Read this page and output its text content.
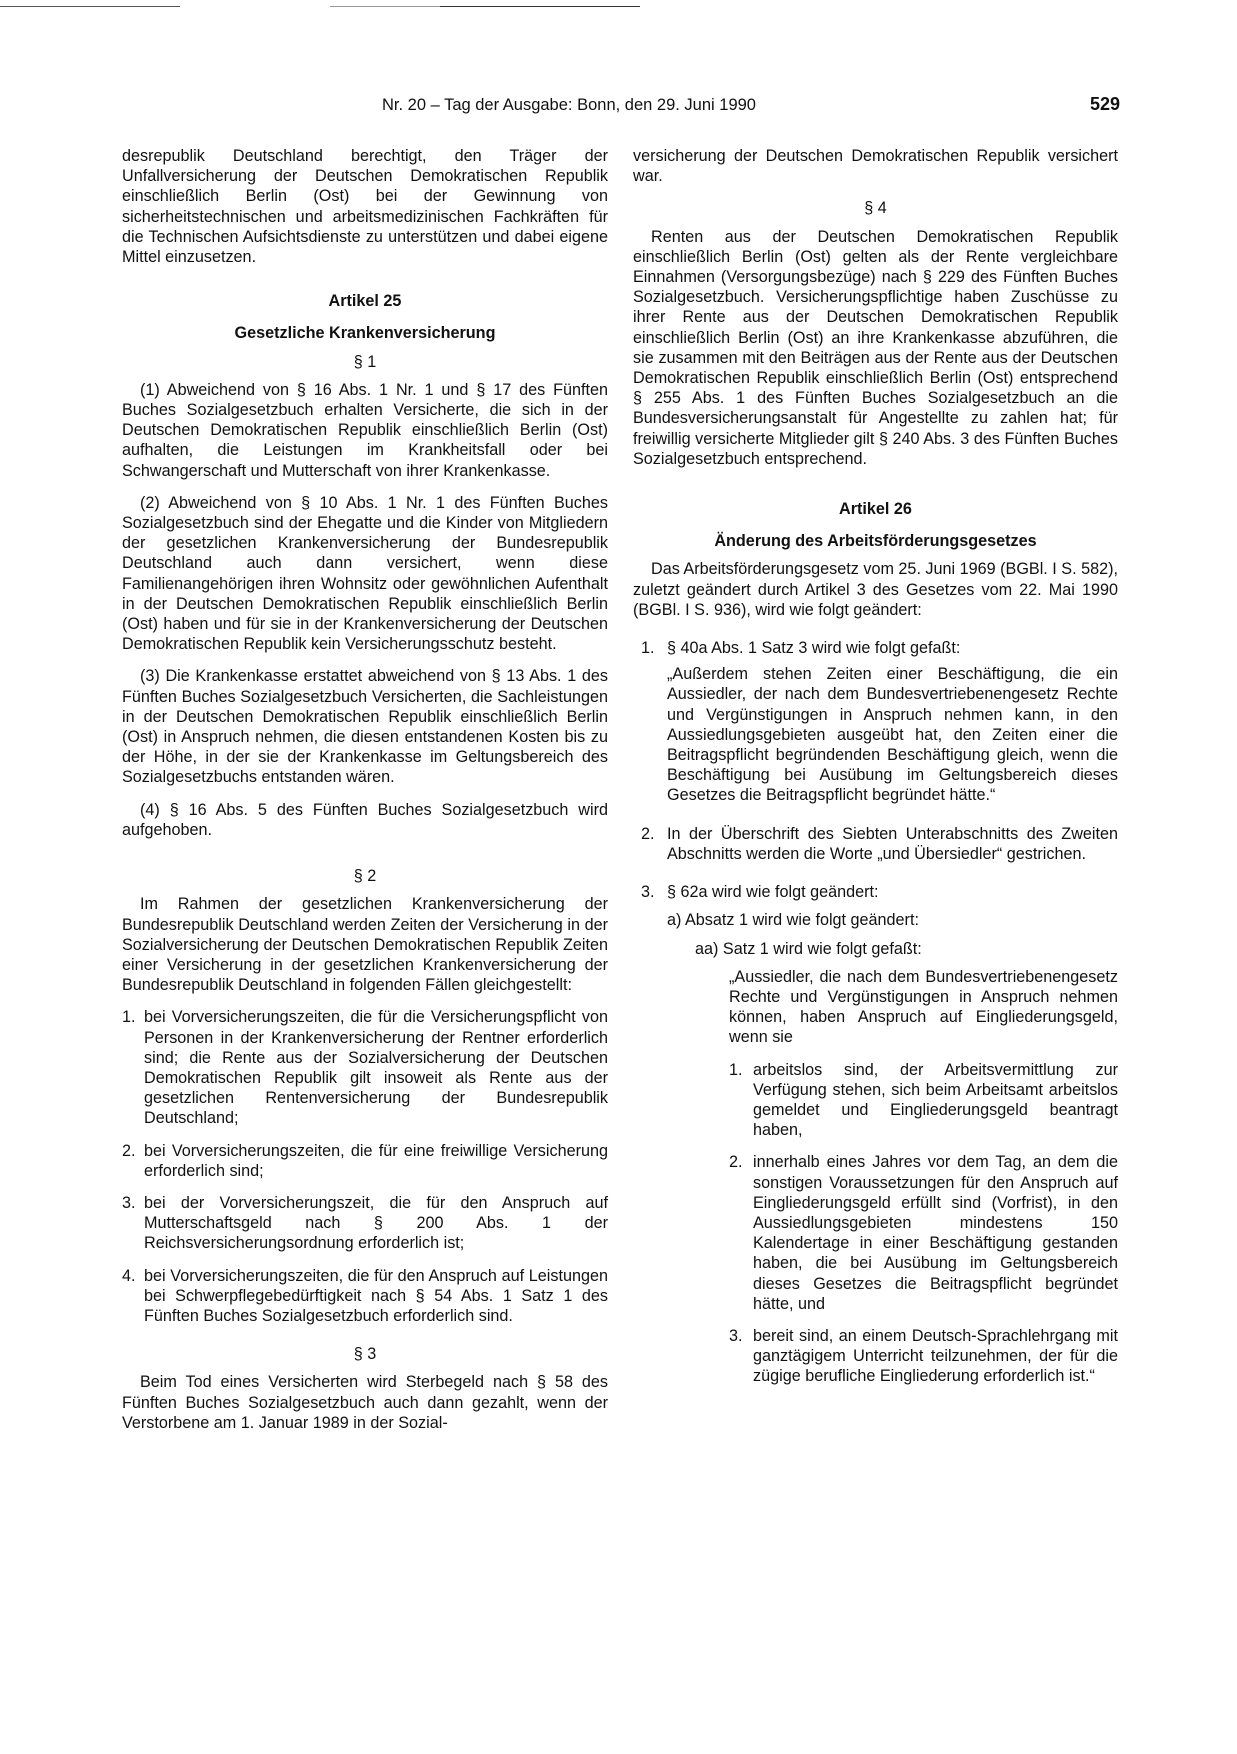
Nr. 20 – Tag der Ausgabe: Bonn, den 29. Juni 1990	529

desrepublik Deutschland berechtigt, den Träger der Unfallversicherung der Deutschen Demokratischen Republik einschließlich Berlin (Ost) bei der Gewinnung von sicherheitstechnischen und arbeitsmedizinischen Fachkräften für die Technischen Aufsichtsdienste zu unterstützen und dabei eigene Mittel einzusetzen.

Artikel 25
Gesetzliche Krankenversicherung
§ 1

(1) Abweichend von § 16 Abs. 1 Nr. 1 und § 17 des Fünften Buches Sozialgesetzbuch erhalten Versicherte, die sich in der Deutschen Demokratischen Republik einschließlich Berlin (Ost) aufhalten, die Leistungen im Krankheitsfall oder bei Schwangerschaft und Mutterschaft von ihrer Krankenkasse.

(2) Abweichend von § 10 Abs. 1 Nr. 1 des Fünften Buches Sozialgesetzbuch sind der Ehegatte und die Kinder von Mitgliedern der gesetzlichen Krankenversicherung der Bundesrepublik Deutschland auch dann versichert, wenn diese Familienangehörigen ihren Wohnsitz oder gewöhnlichen Aufenthalt in der Deutschen Demokratischen Republik einschließlich Berlin (Ost) haben und für sie in der Krankenversicherung der Deutschen Demokratischen Republik kein Versicherungsschutz besteht.

(3) Die Krankenkasse erstattet abweichend von § 13 Abs. 1 des Fünften Buches Sozialgesetzbuch Versicherten, die Sachleistungen in der Deutschen Demokratischen Republik einschließlich Berlin (Ost) in Anspruch nehmen, die diesen entstandenen Kosten bis zu der Höhe, in der sie der Krankenkasse im Geltungsbereich des Sozialgesetzbuchs entstanden wären.

(4) § 16 Abs. 5 des Fünften Buches Sozialgesetzbuch wird aufgehoben.

§ 2

Im Rahmen der gesetzlichen Krankenversicherung der Bundesrepublik Deutschland werden Zeiten der Versicherung in der Sozialversicherung der Deutschen Demokratischen Republik Zeiten einer Versicherung in der gesetzlichen Krankenversicherung der Bundesrepublik Deutschland in folgenden Fällen gleichgestellt:

1. bei Vorversicherungszeiten, die für die Versicherungspflicht von Personen in der Krankenversicherung der Rentner erforderlich sind; die Rente aus der Sozialversicherung der Deutschen Demokratischen Republik gilt insoweit als Rente aus der gesetzlichen Rentenversicherung der Bundesrepublik Deutschland;
2. bei Vorversicherungszeiten, die für eine freiwillige Versicherung erforderlich sind;
3. bei der Vorversicherungszeit, die für den Anspruch auf Mutterschaftsgeld nach § 200 Abs. 1 der Reichsversicherungsordnung erforderlich ist;
4. bei Vorversicherungszeiten, die für den Anspruch auf Leistungen bei Schwerpflegebedürftigkeit nach § 54 Abs. 1 Satz 1 des Fünften Buches Sozialgesetzbuch erforderlich sind.
§ 3

Beim Tod eines Versicherten wird Sterbegeld nach § 58 des Fünften Buches Sozialgesetzbuch auch dann gezahlt, wenn der Verstorbene am 1. Januar 1989 in der Sozial-

versicherung der Deutschen Demokratischen Republik versichert war.

§ 4

Renten aus der Deutschen Demokratischen Republik einschließlich Berlin (Ost) gelten als der Rente vergleichbare Einnahmen (Versorgungsbezüge) nach § 229 des Fünften Buches Sozialgesetzbuch. Versicherungspflichtige haben Zuschüsse zu ihrer Rente aus der Deutschen Demokratischen Republik einschließlich Berlin (Ost) an ihre Krankenkasse abzuführen, die sie zusammen mit den Beiträgen aus der Rente aus der Deutschen Demokratischen Republik einschließlich Berlin (Ost) entsprechend § 255 Abs. 1 des Fünften Buches Sozialgesetzbuch an die Bundesversicherungsanstalt für Angestellte zu zahlen hat; für freiwillig versicherte Mitglieder gilt § 240 Abs. 3 des Fünften Buches Sozialgesetzbuch entsprechend.

Artikel 26
Änderung des Arbeitsförderungsgesetzes

Das Arbeitsförderungsgesetz vom 25. Juni 1969 (BGBl. I S. 582), zuletzt geändert durch Artikel 3 des Gesetzes vom 22. Mai 1990 (BGBl. I S. 936), wird wie folgt geändert:

1. § 40a Abs. 1 Satz 3 wird wie folgt gefaßt:

„Außerdem stehen Zeiten einer Beschäftigung, die ein Aussiedler, der nach dem Bundesvertriebenengesetz Rechte und Vergünstigungen in Anspruch nehmen kann, in den Aussiedlungsgebieten ausgeübt hat, den Zeiten einer die Beitragspflicht begründenden Beschäftigung gleich, wenn die Beschäftigung bei Ausübung im Geltungsbereich dieses Gesetzes die Beitragspflicht begründet hätte.“

2. In der Überschrift des Siebten Unterabschnitts des Zweiten Abschnitts werden die Worte „und Übersiedler“ gestrichen.
3. § 62a wird wie folgt geändert:
a) Absatz 1 wird wie folgt geändert:
aa) Satz 1 wird wie folgt gefaßt:

„Aussiedler, die nach dem Bundesvertriebenengesetz Rechte und Vergünstigungen in Anspruch nehmen können, haben Anspruch auf Eingliederungsgeld, wenn sie

1. arbeitslos sind, der Arbeitsvermittlung zur Verfügung stehen, sich beim Arbeitsamt arbeitslos gemeldet und Eingliederungsgeld beantragt haben,
2. innerhalb eines Jahres vor dem Tag, an dem die sonstigen Voraussetzungen für den Anspruch auf Eingliederungsgeld erfüllt sind (Vorfrist), in den Aussiedlungsgebieten mindestens 150 Kalendertage in einer Beschäftigung gestanden haben, die bei Ausübung im Geltungsbereich dieses Gesetzes die Beitragspflicht begründet hätte, und
3. bereit sind, an einem Deutsch-Sprachlehrgang mit ganztägigem Unterricht teilzunehmen, der für die zügige berufliche Eingliederung erforderlich ist.“
